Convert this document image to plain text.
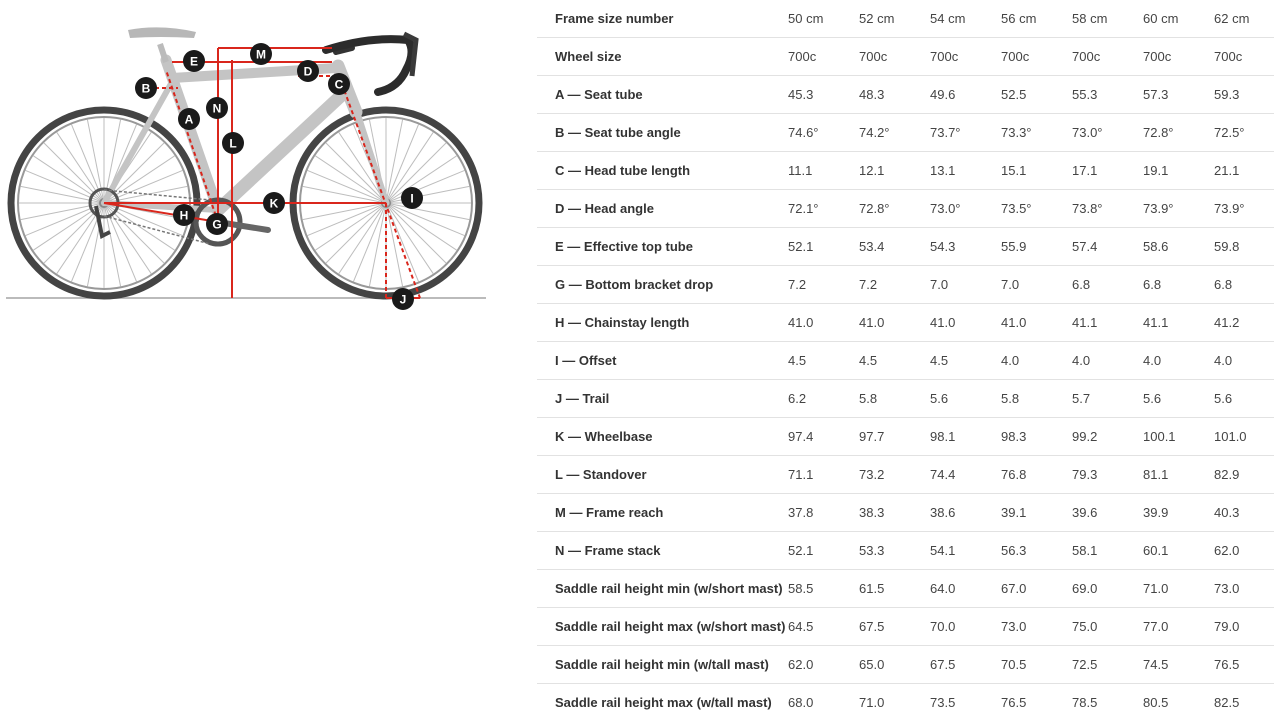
A
B	C
D
E
G
H
I
J
K
L
M
N
Frame size number	50 cm	52 cm	54 cm	56 cm	58 cm	60 cm	62 cm
Wheel size	700c	700c	700c	700c	700c	700c	700c
A — Seat tube	45.3	48.3	49.6	52.5	55.3	57.3	59.3
B — Seat tube angle	74.6°	74.2°	73.7°	73.3°	73.0°	72.8°	72.5°
C — Head tube length	11.1	12.1	13.1	15.1	17.1	19.1	21.1
D — Head angle	72.1°	72.8°	73.0°	73.5°	73.8°	73.9°	73.9°
E — Effective top tube	52.1	53.4	54.3	55.9	57.4	58.6	59.8
G — Bottom bracket drop	7.2	7.2	7.0	7.0	6.8	6.8	6.8
H — Chainstay length	41.0	41.0	41.0	41.0	41.1	41.1	41.2
I — Offset	4.5	4.5	4.5	4.0	4.0	4.0	4.0
J — Trail	6.2	5.8	5.6	5.8	5.7	5.6	5.6
K — Wheelbase	97.4	97.7	98.1	98.3	99.2	100.1	101.0
L — Standover	71.1	73.2	74.4	76.8	79.3	81.1	82.9
M — Frame reach	37.8	38.3	38.6	39.1	39.6	39.9	40.3
N — Frame stack	52.1	53.3	54.1	56.3	58.1	60.1	62.0
Saddle rail height min (w/short mast)	58.5	61.5	64.0	67.0	69.0	71.0	73.0
Saddle rail height max (w/short mast)	64.5	67.5	70.0	73.0	75.0	77.0	79.0
Saddle rail height min (w/tall mast)	62.0	65.0	67.5	70.5	72.5	74.5	76.5
Saddle rail height max (w/tall mast)	68.0	71.0	73.5	76.5	78.5	80.5	82.5
